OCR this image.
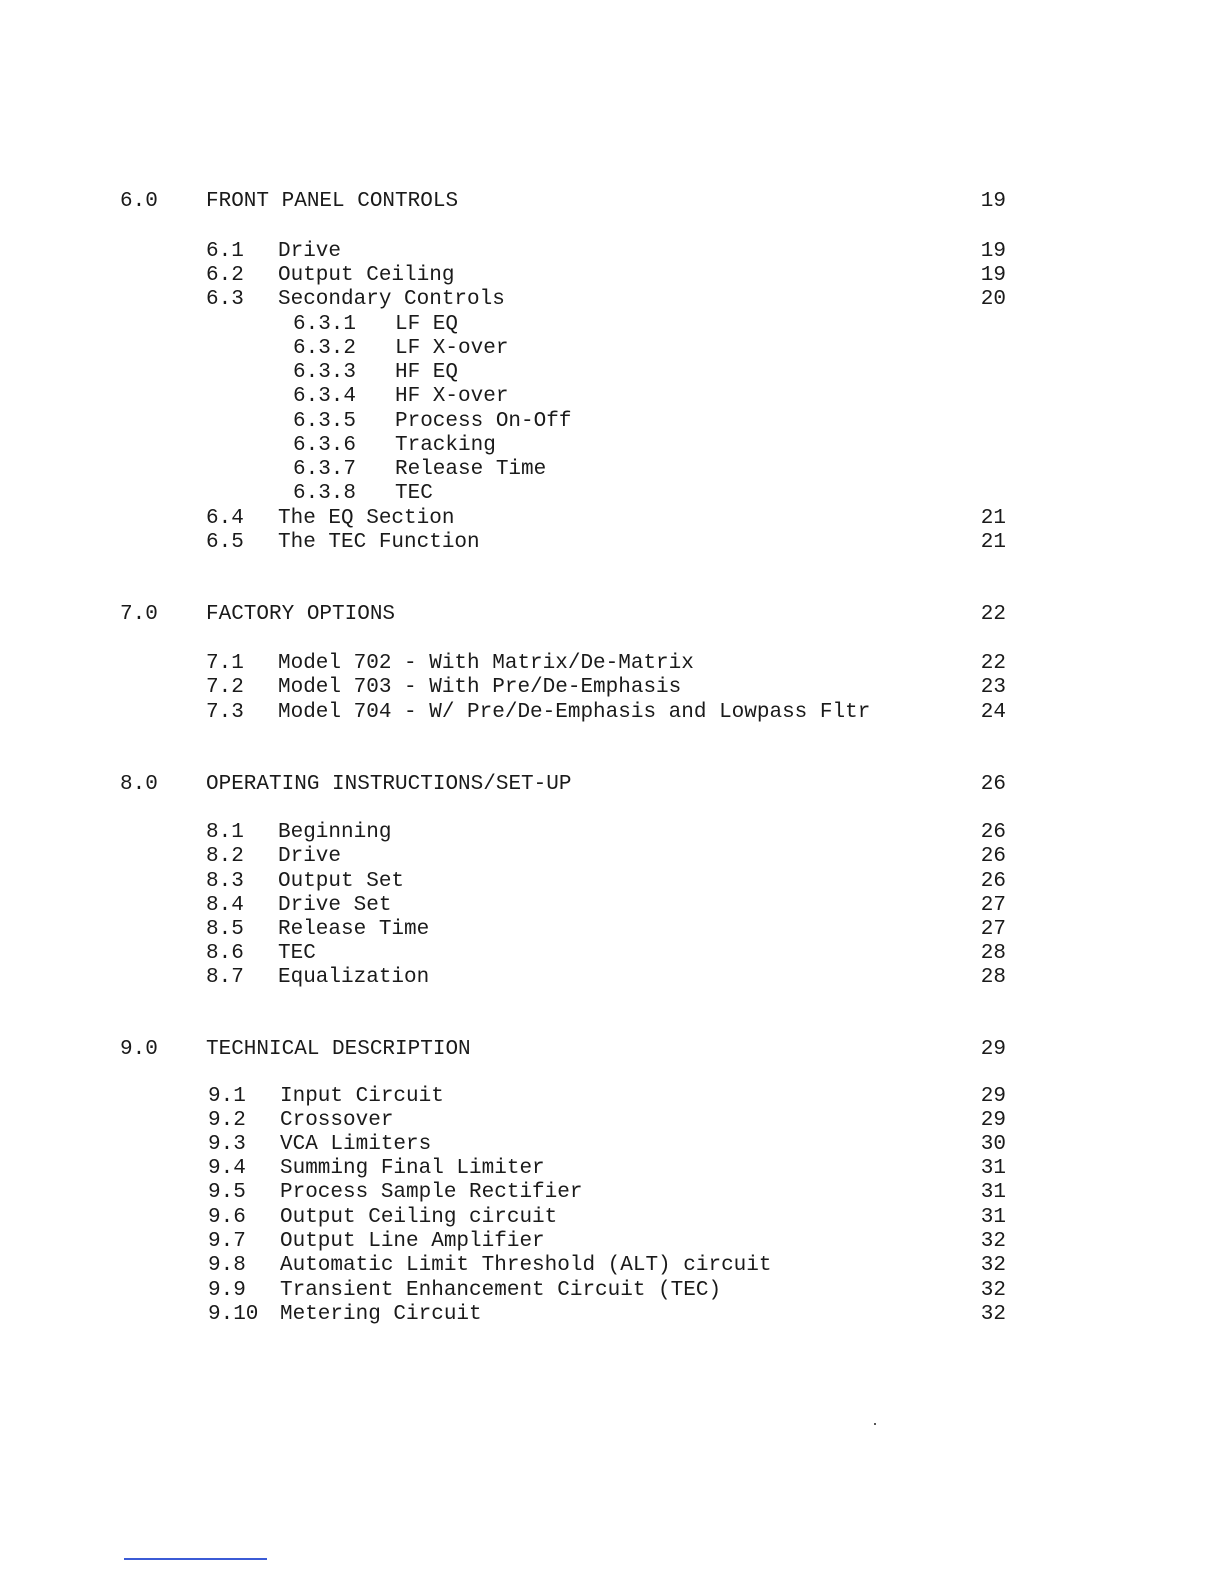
6.0 FRONT PANEL CONTROLS	19
6.1 Drive	19
6.2 Output Ceiling	19
6.3 Secondary Controls	20
6.3.1 LF EQ
6.3.2 LF X-over
6.3.3 HF EQ
6.3.4 HF X-over
6.3.5 Process On-Off
6.3.6 Tracking
6.3.7 Release Time
6.3.8 TEC
6.4 The EQ Section	21
6.5 The TEC Function	21
7.0 FACTORY OPTIONS	22
7.1 Model 702 - With Matrix/De-Matrix	22
7.2 Model 703 - With Pre/De-Emphasis	23
7.3 Model 704 - W/ Pre/De-Emphasis and Lowpass Fltr	24
8.0 OPERATING INSTRUCTIONS/SET-UP	26
8.1 Beginning	26
8.2 Drive	26
8.3 Output Set	26
8.4 Drive Set	27
8.5 Release Time	27
8.6 TEC	28
8.7 Equalization	28
9.0 TECHNICAL DESCRIPTION	29
9.1 Input Circuit	29
9.2 Crossover	29
9.3 VCA Limiters	30
9.4 Summing Final Limiter	31
9.5 Process Sample Rectifier	31
9.6 Output Ceiling circuit	31
9.7 Output Line Amplifier	32
9.8 Automatic Limit Threshold (ALT) circuit	32
9.9 Transient Enhancement Circuit (TEC)	32
9.10 Metering Circuit	32
